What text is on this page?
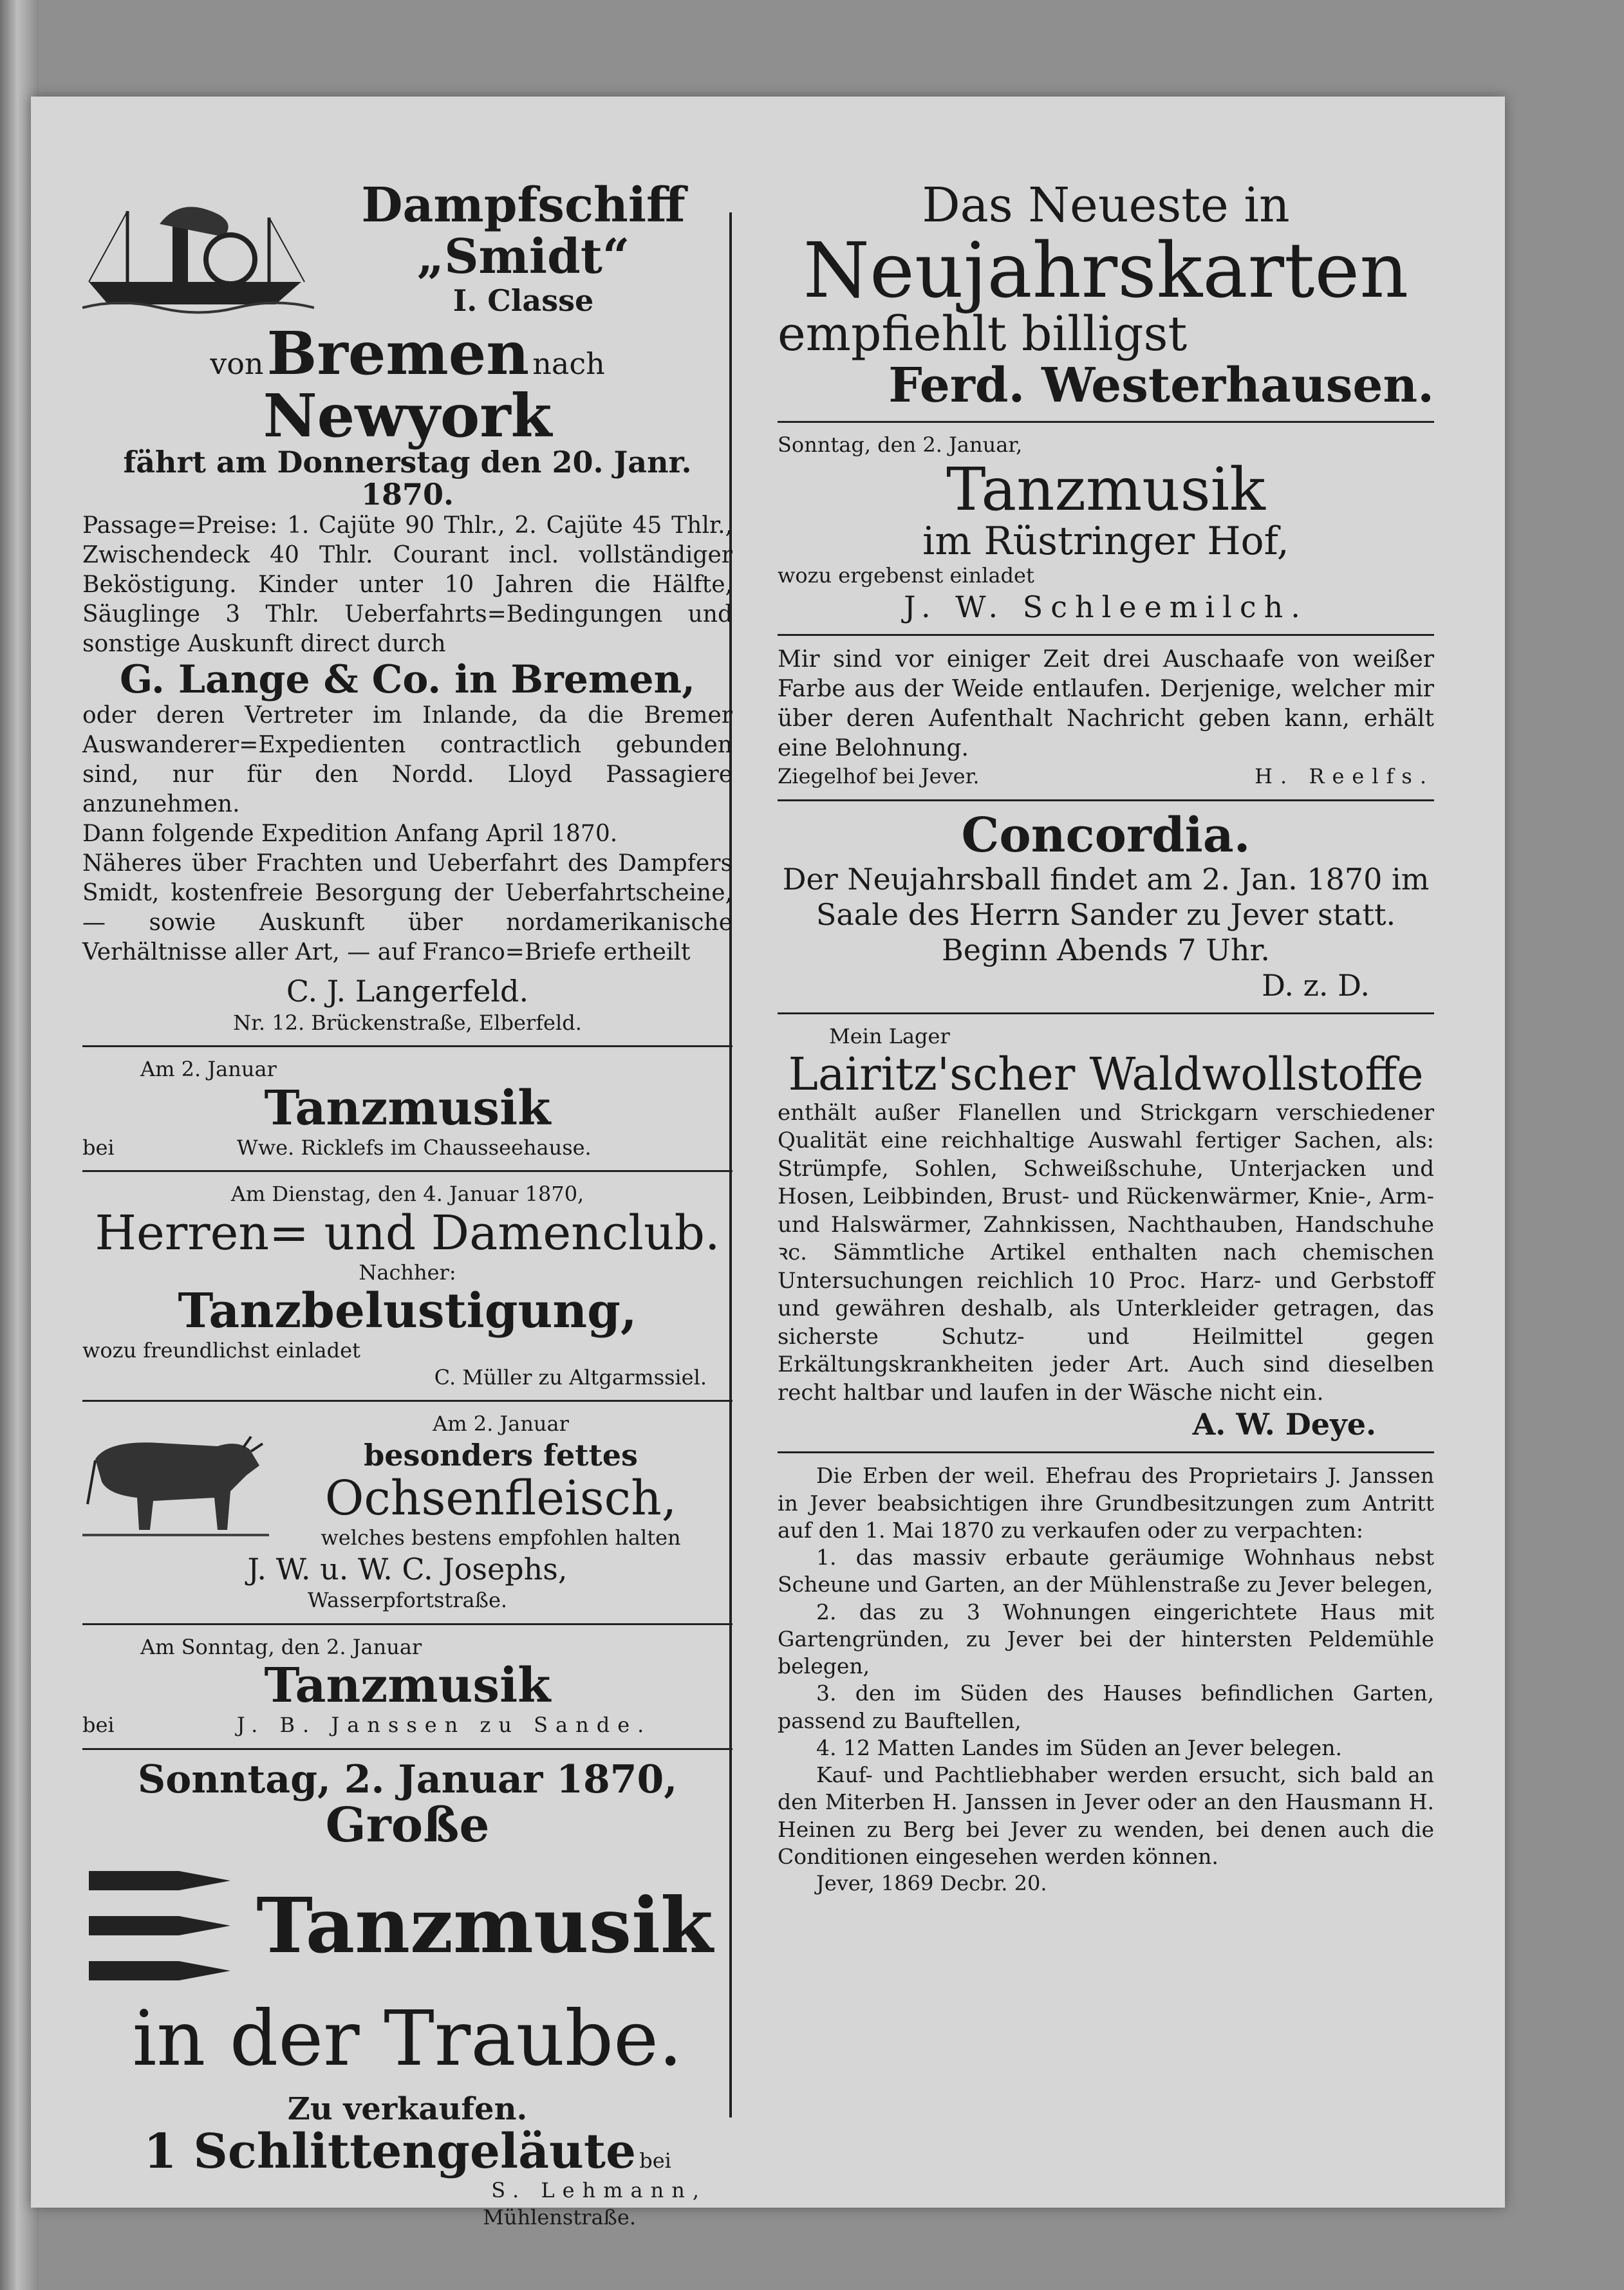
Dampfschiff

„Smidt“

I. Classe

von Bremen nach Newyork

fährt am Donnerstag den 20. Janr. 1870.

Passage=Preise: 1. Cajüte 90 Thlr., 2. Cajüte 45 Thlr., Zwischendeck 40 Thlr. Courant incl. vollständiger Beköstigung. Kinder unter 10 Jahren die Hälfte, Säuglinge 3 Thlr. Ueberfahrts=Bedingungen und sonstige Auskunft direct durch

G. Lange & Co. in Bremen,

oder deren Vertreter im Inlande, da die Bremer Auswanderer=Expedienten contractlich gebunden sind, nur für den Nordd. Lloyd Passagiere anzunehmen.

Dann folgende Expedition Anfang April 1870.

Näheres über Frachten und Ueberfahrt des Dampfers Smidt, kostenfreie Besorgung der Ueberfahrtscheine, — sowie Auskunft über nordamerikanische Verhältnisse aller Art, — auf Franco=Briefe ertheilt

C. J. Langerfeld.

Nr. 12. Brückenstraße, Elberfeld.

Am 2. Januar

Tanzmusik

bei	Wwe. Ricklefs im Chausseehause.

Am Dienstag, den 4. Januar 1870,

Herren= und Damenclub.

Nachher:

Tanzbelustigung,

wozu freundlichst einladet

C. Müller zu Altgarmssiel.

Am 2. Januar

besonders fettes

Ochsenfleisch,

welches bestens empfohlen halten

J. W. u. W. C. Josephs,

Wasserpfortstraße.

Am Sonntag, den 2. Januar

Tanzmusik

bei	J. B. Janssen zu Sande.

Sonntag, 2. Januar 1870,

Große

Tanzmusik

in der Traube.

Zu verkaufen.

1 Schlittengeläute bei

S. Lehmann,

Mühlenstraße.

Das Neueste in

Neujahrskarten

empfiehlt billigst

Ferd. Westerhausen.

Sonntag, den 2. Januar,

Tanzmusik

im Rüstringer Hof,

wozu ergebenst einladet

J. W. Schleemilch.

Mir sind vor einiger Zeit drei Auschaafe von weißer Farbe aus der Weide entlaufen. Derjenige, welcher mir über deren Aufenthalt Nachricht geben kann, erhält eine Belohnung.

Ziegelhof bei Jever.	H. Reelfs.

Concordia.

Der Neujahrsball findet am 2. Jan. 1870 im Saale des Herrn Sander zu Jever statt.

Beginn Abends 7 Uhr.

D. z. D.

Mein Lager

Lairitz'scher Waldwollstoffe

enthält außer Flanellen und Strickgarn verschiedener Qualität eine reichhaltige Auswahl fertiger Sachen, als: Strümpfe, Sohlen, Schweißschuhe, Unterjacken und Hosen, Leibbinden, Brust- und Rückenwärmer, Knie-, Arm- und Halswärmer, Zahnkissen, Nachthauben, Handschuhe ꝛc. Sämmtliche Artikel enthalten nach chemischen Untersuchungen reichlich 10 Proc. Harz- und Gerbstoff und gewähren deshalb, als Unterkleider getragen, das sicherste Schutz- und Heilmittel gegen Erkältungskrankheiten jeder Art. Auch sind dieselben recht haltbar und laufen in der Wäsche nicht ein.

A. W. Deye.

Die Erben der weil. Ehefrau des Proprietairs J. Janssen in Jever beabsichtigen ihre Grundbesitzungen zum Antritt auf den 1. Mai 1870 zu verkaufen oder zu verpachten:

1. das massiv erbaute geräumige Wohnhaus nebst Scheune und Garten, an der Mühlenstraße zu Jever belegen,

2. das zu 3 Wohnungen eingerichtete Haus mit Gartengründen, zu Jever bei der hintersten Peldemühle belegen,

3. den im Süden des Hauses befindlichen Garten, passend zu Bauftellen,

4. 12 Matten Landes im Süden an Jever belegen.

Kauf- und Pachtliebhaber werden ersucht, sich bald an den Miterben H. Janssen in Jever oder an den Hausmann H. Heinen zu Berg bei Jever zu wenden, bei denen auch die Conditionen eingesehen werden können.

Jever, 1869 Decbr. 20.
